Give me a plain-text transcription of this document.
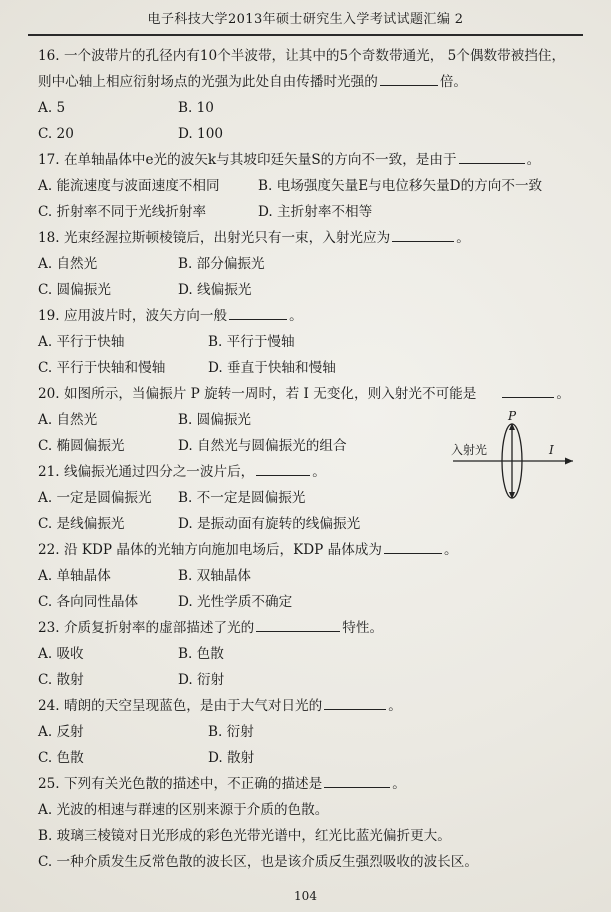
电子科技大学2013年硕士研究生入学考试试题汇编 2
16. 一个波带片的孔径内有10个半波带，让其中的5个奇数带通光， 5个偶数带被挡住，
则中心轴上相应衍射场点的光强为此处自由传播时光强的	倍。
A. 5	B. 10
C. 20	D. 100
17. 在单轴晶体中e光的波矢k与其坡印廷矢量S的方向不一致，是由于	。
A. 能流速度与波面速度不相同	B. 电场强度矢量E与电位移矢量D的方向不一致
C. 折射率不同于光线折射率	D. 主折射率不相等
18. 光束经渥拉斯顿棱镜后，出射光只有一束，入射光应为	。
A. 自然光	B. 部分偏振光
C. 圆偏振光	D. 线偏振光
19. 应用波片时，波矢方向一般	。
A. 平行于快轴	B. 平行于慢轴
C. 平行于快轴和慢轴	D. 垂直于快轴和慢轴
20. 如图所示，当偏振片 P 旋转一周时，若 I 无变化，则入射光不可能是	。
A. 自然光	B. 圆偏振光
C. 椭圆偏振光	D. 自然光与圆偏振光的组合
21. 线偏振光通过四分之一波片后，	。
A. 一定是圆偏振光	B. 不一定是圆偏振光
C. 是线偏振光	D. 是振动面有旋转的线偏振光
22. 沿 KDP 晶体的光轴方向施加电场后，KDP 晶体成为	。
A. 单轴晶体	B. 双轴晶体
C. 各向同性晶体	D. 光性学质不确定
23. 介质复折射率的虚部描述了光的	特性。
A. 吸收	B. 色散
C. 散射	D. 衍射
24. 晴朗的天空呈现蓝色，是由于大气对日光的	。
A. 反射	B. 衍射
C. 色散	D. 散射
25. 下列有关光色散的描述中，不正确的描述是	。
A. 光波的相速与群速的区别来源于介质的色散。
B. 玻璃三棱镜对日光形成的彩色光带光谱中，红光比蓝光偏折更大。
C. 一种介质发生反常色散的波长区，也是该介质反生强烈吸收的波长区。
入射光
P
I
104
